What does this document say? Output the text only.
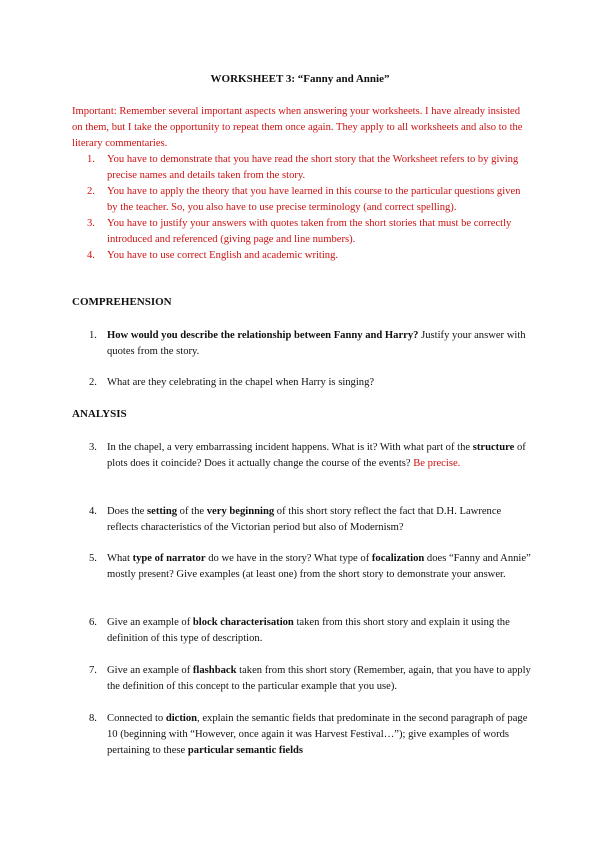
WORKSHEET 3: “Fanny and Annie”

Important: Remember several important aspects when answering your worksheets. I have already insisted on them, but I take the opportunity to repeat them once again. They apply to all worksheets and also to the literary commentaries.

1. You have to demonstrate that you have read the short story that the Worksheet refers to by giving precise names and details taken from the story.
2. You have to apply the theory that you have learned in this course to the particular questions given by the teacher. So, you also have to use precise terminology (and correct spelling).
3. You have to justify your answers with quotes taken from the short stories that must be correctly introduced and referenced (giving page and line numbers).
4. You have to use correct English and academic writing.
COMPREHENSION
1. How would you describe the relationship between Fanny and Harry? Justify your answer with quotes from the story.
2. What are they celebrating in the chapel when Harry is singing?
ANALYSIS
3. In the chapel, a very embarrassing incident happens. What is it? With what part of the structure of plots does it coincide? Does it actually change the course of the events? Be precise.
4. Does the setting of the very beginning of this short story reflect the fact that D.H. Lawrence reflects characteristics of the Victorian period but also of Modernism?
5. What type of narrator do we have in the story? What type of focalization does “Fanny and Annie” mostly present? Give examples (at least one) from the short story to demonstrate your answer.
6. Give an example of block characterisation taken from this short story and explain it using the definition of this type of description.
7. Give an example of flashback taken from this short story (Remember, again, that you have to apply the definition of this concept to the particular example that you use).
8. Connected to diction, explain the semantic fields that predominate in the second paragraph of page 10 (beginning with “However, once again it was Harvest Festival…”); give examples of words pertaining to these particular semantic fields
